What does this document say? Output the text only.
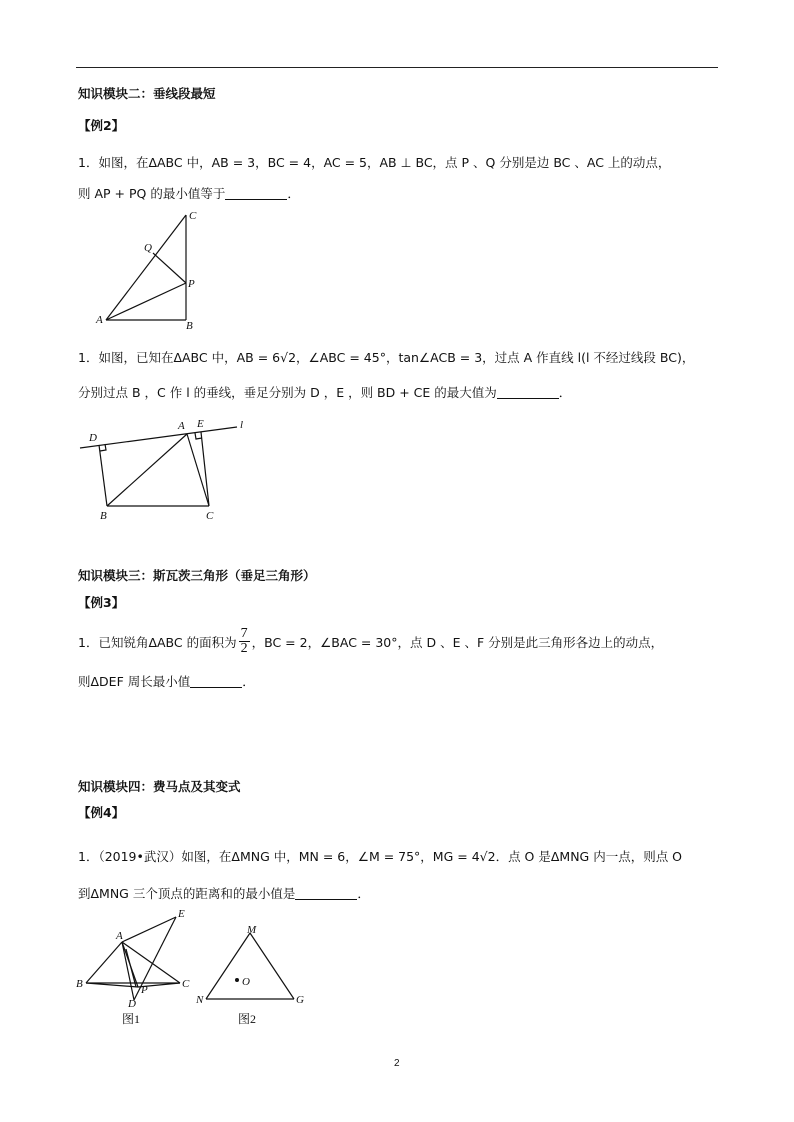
知识模块二：垂线段最短
【例2】
1．如图，在ΔABC 中，AB = 3，BC = 4，AC = 5，AB ⊥ BC，点 P 、Q 分别是边 BC 、AC 上的动点，
则 AP + PQ 的最小值等于	．
C
Q
P
A	B
1．如图，已知在ΔABC 中，AB = 6√2，∠ABC = 45°，tan∠ACB = 3，过点 A 作直线 l(l 不经过线段 BC)，
分别过点 B ，C 作 l 的垂线，垂足分别为 D ，E ，则 BD + CE 的最大值为	．
D
A E	l
B	C
知识模块三：斯瓦茨三角形（垂足三角形）
【例3】
1．已知锐角ΔABC 的面积为 $\frac{7}{2}$ ，BC = 2，∠BAC = 30°，点 D 、E 、F 分别是此三角形各边上的动点，
则ΔDEF 周长最小值	．
知识模块四：费马点及其变式
【例4】
1．（2019•武汉）如图，在ΔMNG 中，MN = 6，∠M = 75°，MG = 4√2．点 O 是ΔMNG 内一点，则点 O
到ΔMNG 三个顶点的距离和的最小值是	．
E
A
B	C
P
D
图1
M
O
N	G
图2
2
